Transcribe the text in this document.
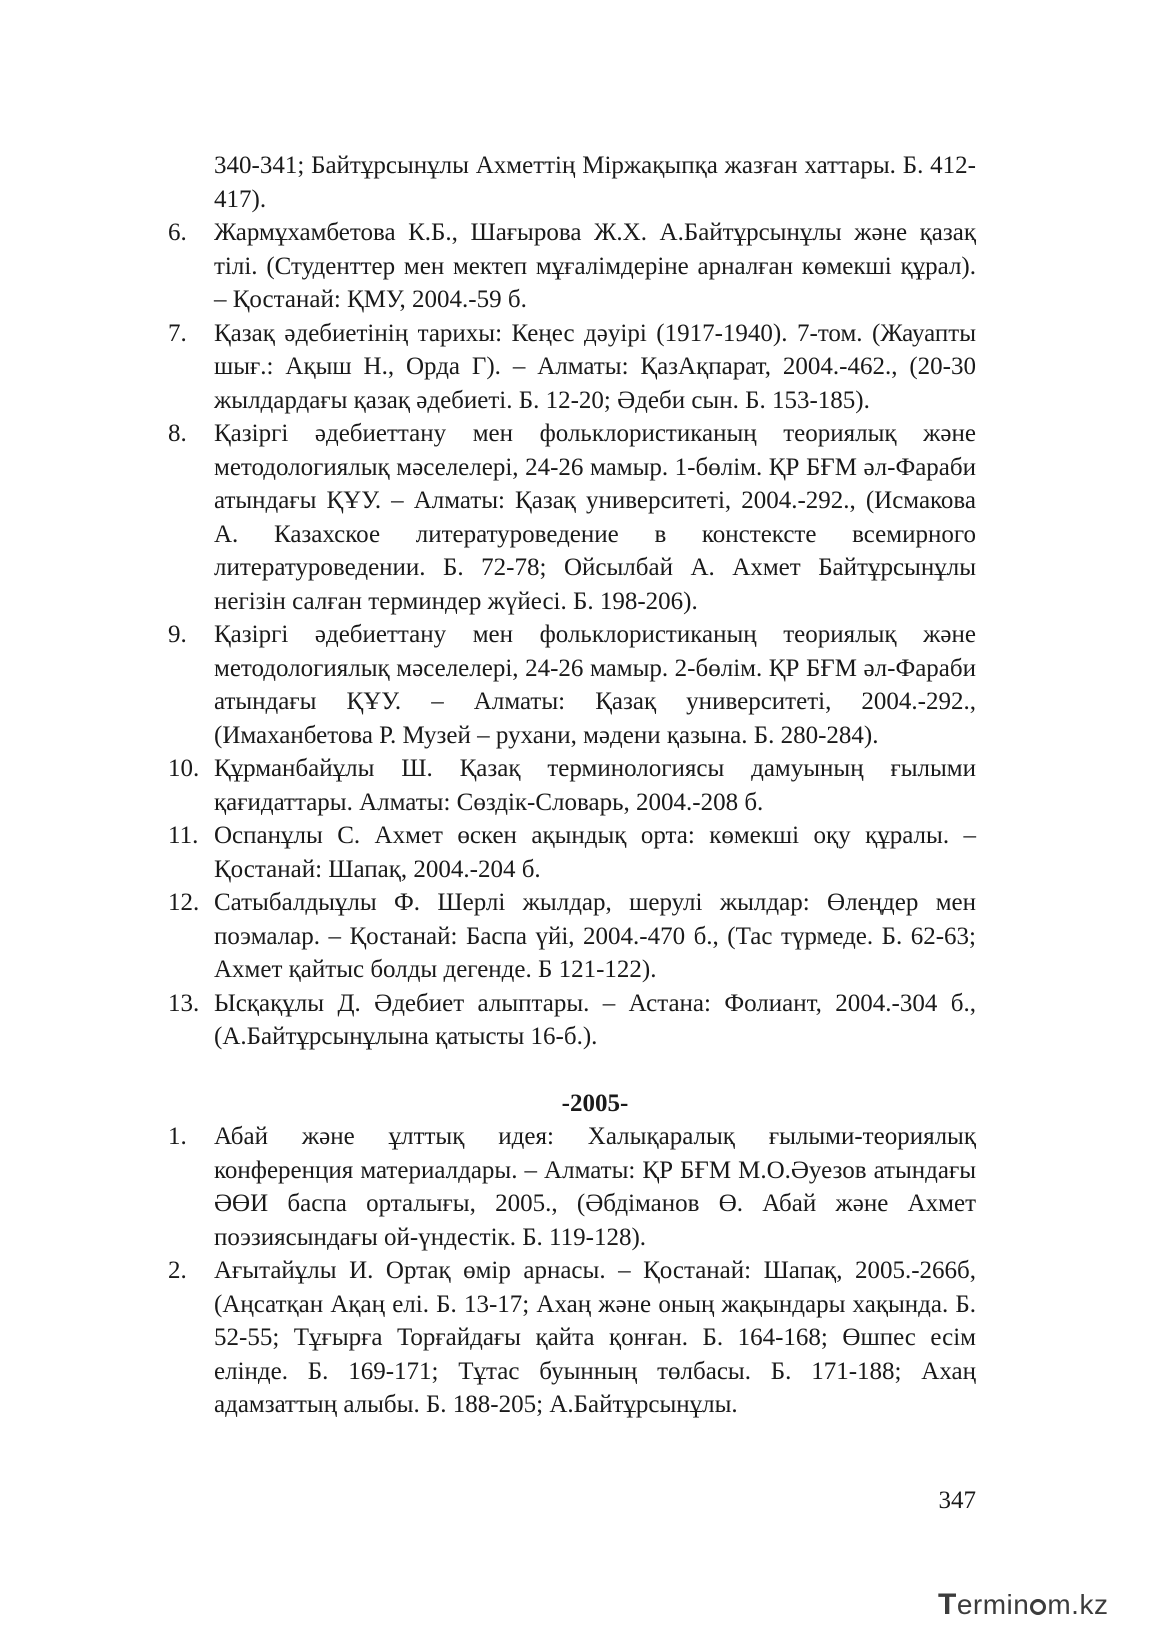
340-341; Байтұрсынұлы Ахметтің Міржақыпқа жазған хаттары. Б. 412-417).
6.	Жармұхамбетова К.Б., Шағырова Ж.Х. А.Байтұрсынұлы және қазақ тілі. (Студенттер мен мектеп мұғалімдеріне арналған көмекші құрал). – Қостанай: ҚМУ, 2004.-59 б.
7.	Қазақ әдебиетінің тарихы: Кеңес дәуірі (1917-1940). 7-том. (Жауапты шығ.: Ақыш Н., Орда Г). – Алматы: ҚазАқпарат, 2004.-462., (20-30 жылдардағы қазақ әдебиеті. Б. 12-20; Әдеби сын. Б. 153-185).
8.	Қазіргі әдебиеттану мен фольклористиканың теориялық және методологиялық мәселелері, 24-26 мамыр. 1-бөлім. ҚР БҒМ әл-Фараби атындағы ҚҰУ. – Алматы: Қазақ университеті, 2004.-292., (Исмакова А. Казахское литературоведение в констексте всемирного литературоведении. Б. 72-78; Ойсылбай А. Ахмет Байтұрсынұлы негізін салған терминдер жүйесі. Б. 198-206).
9.	Қазіргі әдебиеттану мен фольклористиканың теориялық және методологиялық мәселелері, 24-26 мамыр. 2-бөлім. ҚР БҒМ әл-Фараби атындағы ҚҰУ. – Алматы: Қазақ университеті, 2004.-292., (Имаханбетова Р. Музей – рухани, мәдени қазына. Б. 280-284).
10. Құрманбайұлы Ш. Қазақ терминологиясы дамуының ғылыми қағидаттары. Алматы: Сөздік-Словарь, 2004.-208 б.
11. Оспанұлы С. Ахмет өскен ақындық орта: көмекші оқу құралы. – Қостанай: Шапақ, 2004.-204 б.
12. Сатыбалдыұлы Ф. Шерлі жылдар, шерулі жылдар: Өлеңдер мен поэмалар. – Қостанай: Баспа үйі, 2004.-470 б., (Тас түрмеде. Б. 62-63; Ахмет қайтыс болды дегенде. Б 121-122).
13. Ысқақұлы Д. Әдебиет алыптары. – Астана: Фолиант, 2004.-304 б., (А.Байтұрсынұлына қатысты 16-б.).
-2005-
1.	Абай және ұлттық идея: Халықаралық ғылыми-теориялық конференция материалдары. – Алматы: ҚР БҒМ М.О.Әуезов атындағы ӘӨИ баспа орталығы, 2005., (Әбдіманов Ө. Абай және Ахмет поэзиясындағы ой-үндестік. Б. 119-128).
2.	Ағытайұлы И. Ортақ өмір арнасы. – Қостанай: Шапақ, 2005.-266б, (Аңсатқан Ақаң елі. Б. 13-17; Ахаң және оның жақындары хақында. Б. 52-55; Тұғырға Торғайдағы қайта қонған. Б. 164-168; Өшпес есім елінде. Б. 169-171; Тұтас буынның төлбасы. Б. 171-188; Ахаң адамзаттың алыбы. Б. 188-205; А.Байтұрсынұлы.
347
T ermin m.kz
